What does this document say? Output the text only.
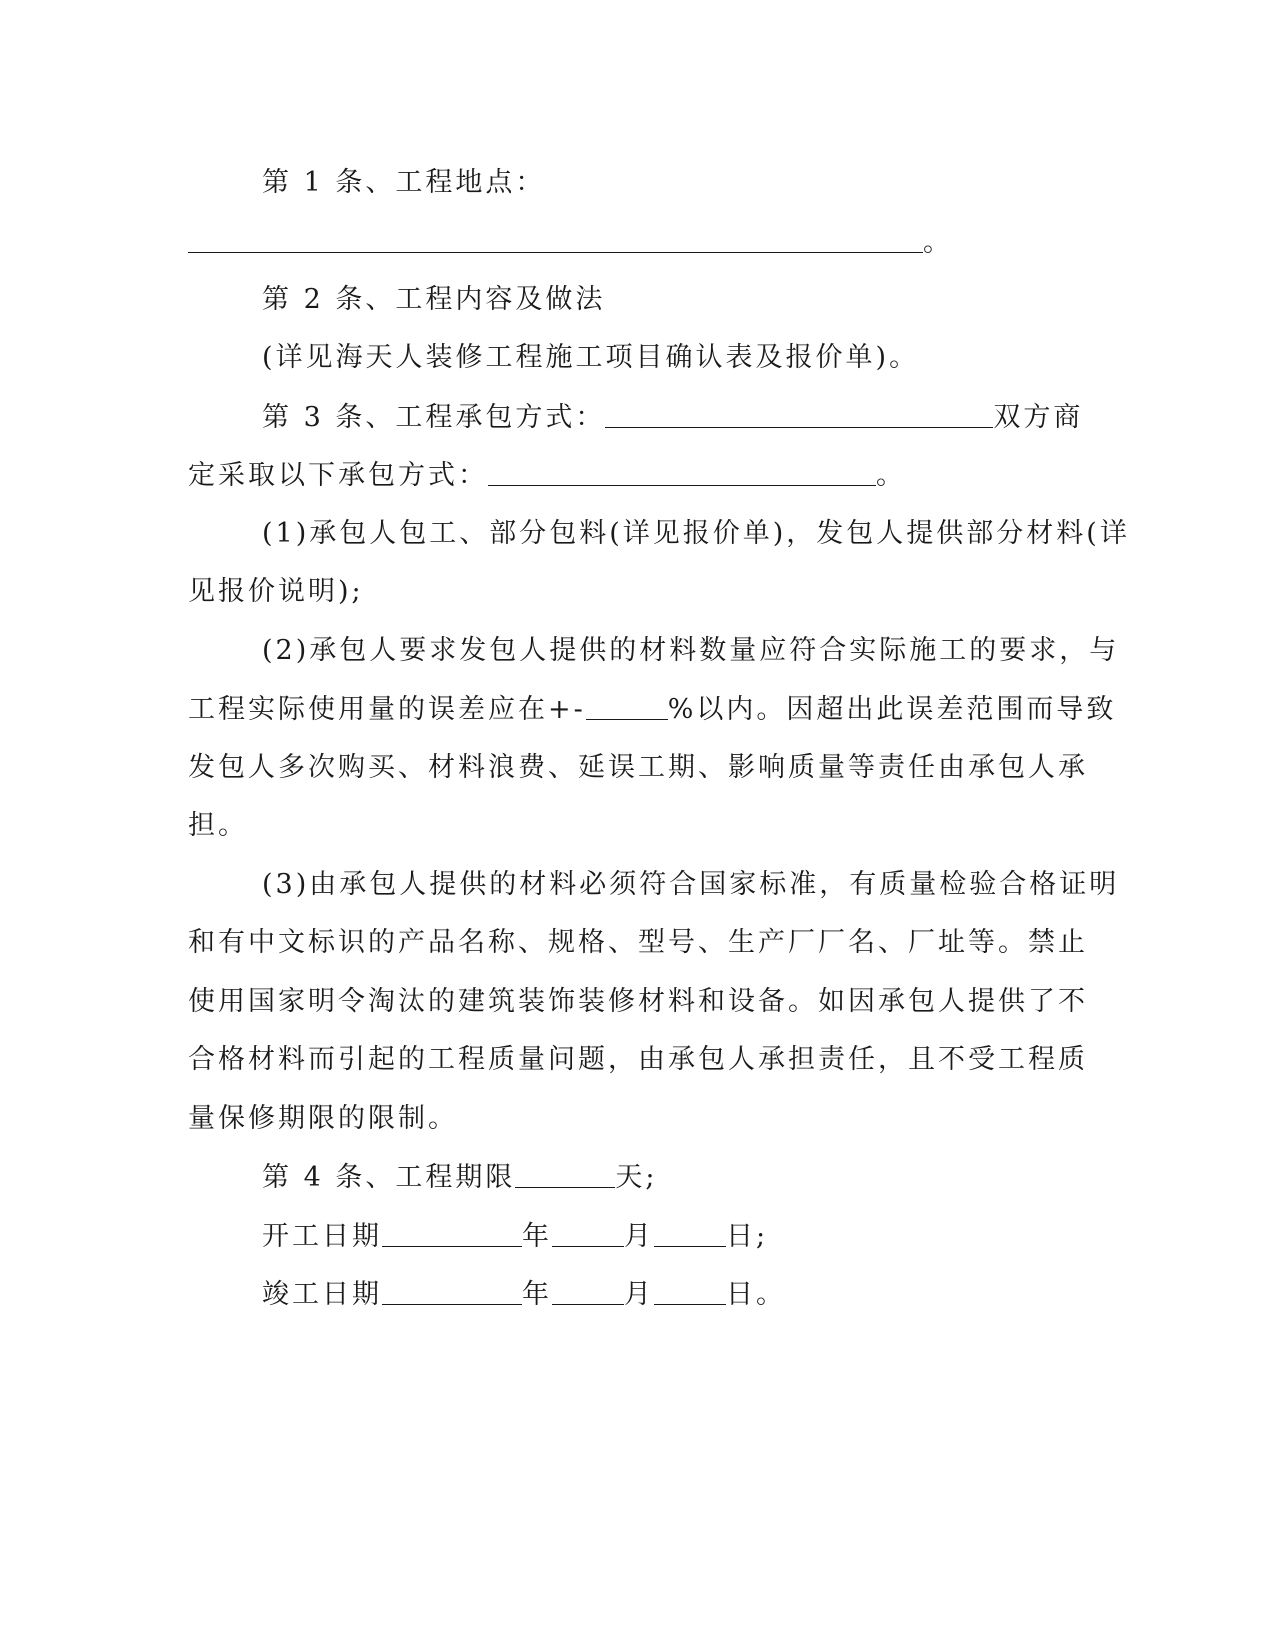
第 1 条、工程地点：
。
第 2 条、工程内容及做法
(详见海天人装修工程施工项目确认表及报价单)。
第 3 条、工程承包方式：	双方商
定采取以下承包方式：	。
(1)承包人包工、部分包料(详见报价单)，发包人提供部分材料(详
见报价说明);
(2)承包人要求发包人提供的材料数量应符合实际施工的要求，与
工程实际使用量的误差应在+-	%以内。因超出此误差范围而导致
发包人多次购买、材料浪费、延误工期、影响质量等责任由承包人承
担。
(3)由承包人提供的材料必须符合国家标准，有质量检验合格证明
和有中文标识的产品名称、规格、型号、生产厂厂名、厂址等。禁止
使用国家明令淘汰的建筑装饰装修材料和设备。如因承包人提供了不
合格材料而引起的工程质量问题，由承包人承担责任，且不受工程质
量保修期限的限制。
第 4 条、工程期限	天;
开工日期	年	月	日;
竣工日期	年	月	日。
